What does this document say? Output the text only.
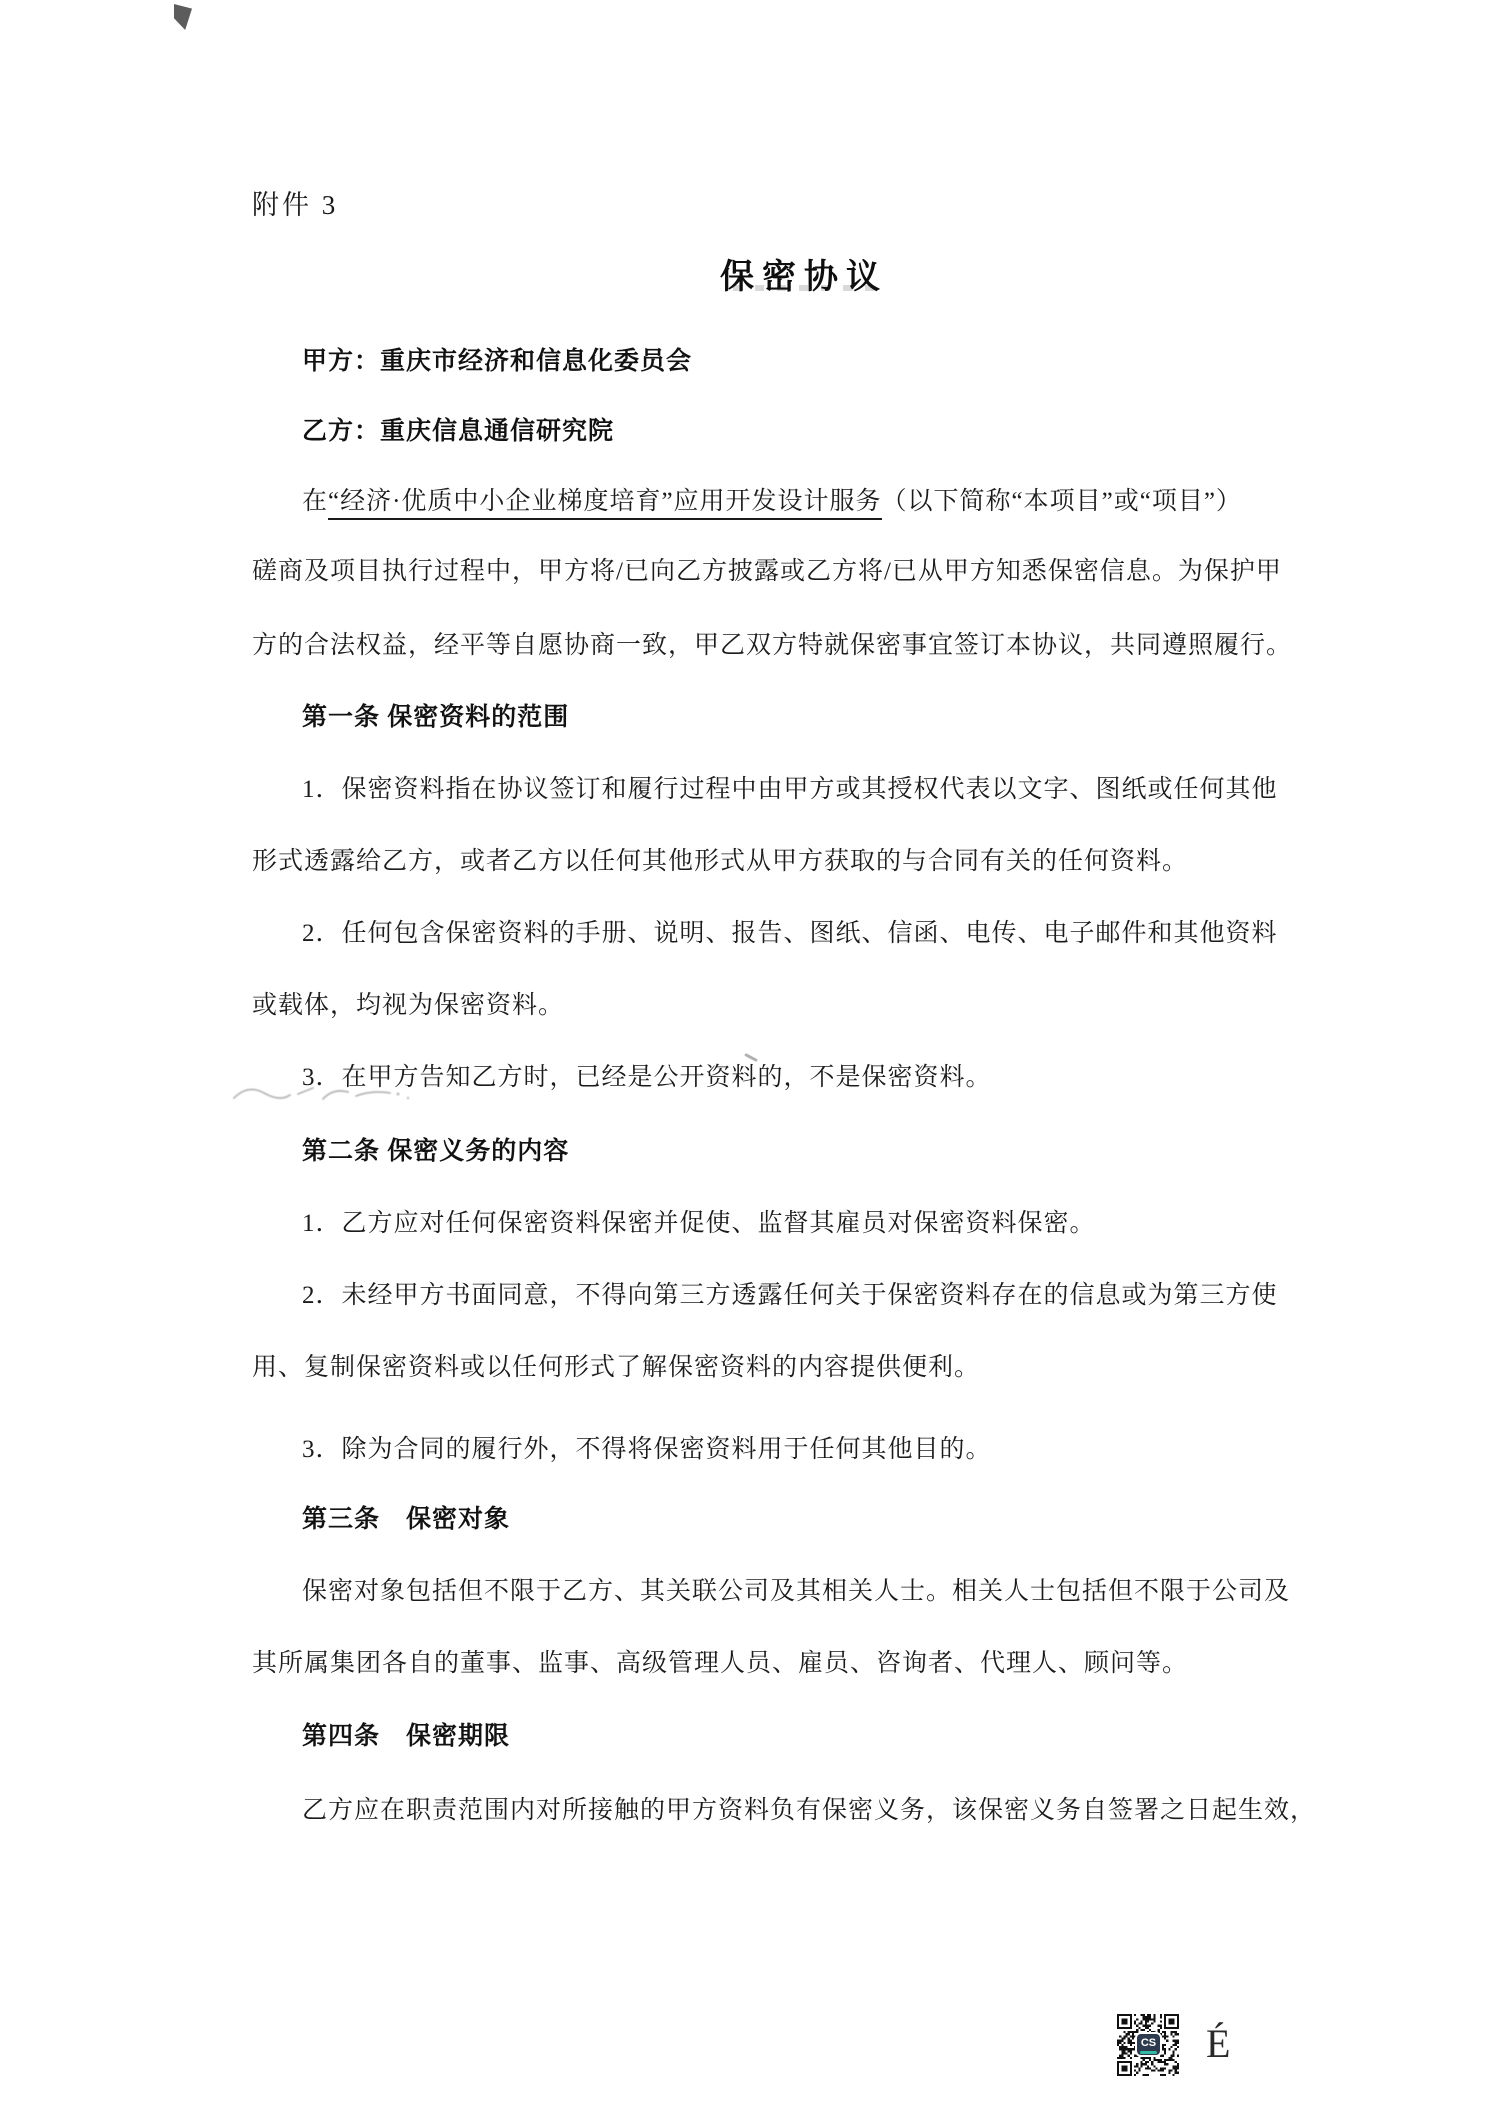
附件 3
保密协议
甲方：重庆市经济和信息化委员会
乙方：重庆信息通信研究院
在“经济·优质中小企业梯度培育”应用开发设计服务（以下简称“本项目”或“项目”）
磋商及项目执行过程中，甲方将/已向乙方披露或乙方将/已从甲方知悉保密信息。为保护甲
方的合法权益，经平等自愿协商一致，甲乙双方特就保密事宜签订本协议，共同遵照履行。
第一条 保密资料的范围
1．保密资料指在协议签订和履行过程中由甲方或其授权代表以文字、图纸或任何其他
形式透露给乙方，或者乙方以任何其他形式从甲方获取的与合同有关的任何资料。
2．任何包含保密资料的手册、说明、报告、图纸、信函、电传、电子邮件和其他资料
或载体，均视为保密资料。
3．在甲方告知乙方时，已经是公开资料的，不是保密资料。
第二条 保密义务的内容
1．乙方应对任何保密资料保密并促使、监督其雇员对保密资料保密。
2．未经甲方书面同意，不得向第三方透露任何关于保密资料存在的信息或为第三方使
用、复制保密资料或以任何形式了解保密资料的内容提供便利。
3．除为合同的履行外，不得将保密资料用于任何其他目的。
第三条　保密对象
保密对象包括但不限于乙方、其关联公司及其相关人士。相关人士包括但不限于公司及
其所属集团各自的董事、监事、高级管理人员、雇员、咨询者、代理人、顾问等。
第四条　保密期限
乙方应在职责范围内对所接触的甲方资料负有保密义务，该保密义务自签署之日起生效，
CS É
